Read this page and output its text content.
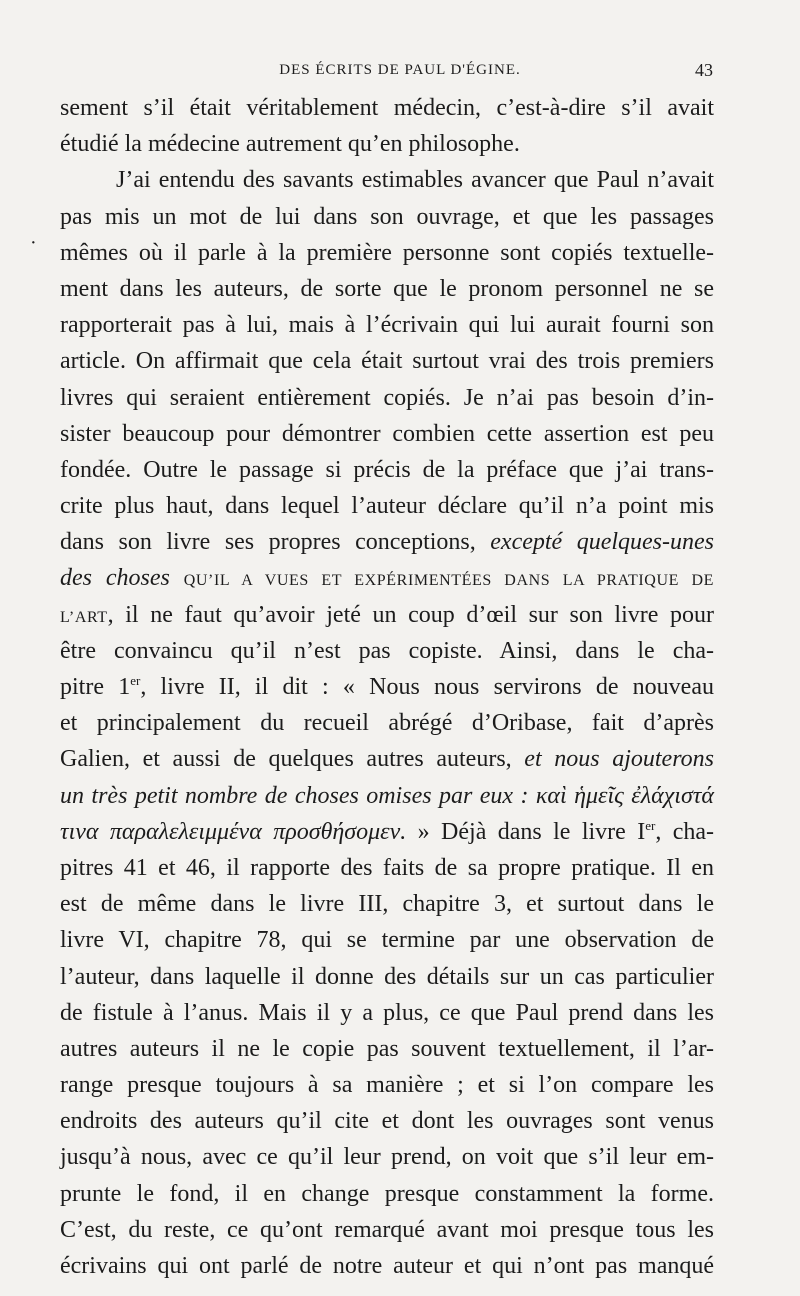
DES ÉCRITS DE PAUL D'ÉGINE.	43
·
sement s’il était véritablement médecin, c’est-à-dire s’il avait
étudié la médecine autrement qu’en philosophe.
J’ai entendu des savants estimables avancer que Paul n’avait
pas mis un mot de lui dans son ouvrage, et que les passages
mêmes où il parle à la première personne sont copiés textuelle-
ment dans les auteurs, de sorte que le pronom personnel ne se
rapporterait pas à lui, mais à l’écrivain qui lui aurait fourni son
article. On affirmait que cela était surtout vrai des trois premiers
livres qui seraient entièrement copiés. Je n’ai pas besoin d’in-
sister beaucoup pour démontrer combien cette assertion est peu
fondée. Outre le passage si précis de la préface que j’ai trans-
crite plus haut, dans lequel l’auteur déclare qu’il n’a point mis
dans son livre ses propres conceptions, excepté quelques-unes
des choses QU’IL A VUES ET EXPÉRIMENTÉES DANS LA PRATIQUE DE
L’ART, il ne faut qu’avoir jeté un coup d’œil sur son livre pour
être convaincu qu’il n’est pas copiste. Ainsi, dans le cha-
pitre 1er, livre II, il dit : « Nous nous servirons de nouveau
et principalement du recueil abrégé d’Oribase, fait d’après
Galien, et aussi de quelques autres auteurs, et nous ajouterons
un très petit nombre de choses omises par eux : καὶ ἡμεῖς ἐλάχιστά
τινα παραλελειμμένα προσθήσομεν. » Déjà dans le livre Ier, cha-
pitres 41 et 46, il rapporte des faits de sa propre pratique. Il en
est de même dans le livre III, chapitre 3, et surtout dans le
livre VI, chapitre 78, qui se termine par une observation de
l’auteur, dans laquelle il donne des détails sur un cas particulier
de fistule à l’anus. Mais il y a plus, ce que Paul prend dans les
autres auteurs il ne le copie pas souvent textuellement, il l’ar-
range presque toujours à sa manière ; et si l’on compare les
endroits des auteurs qu’il cite et dont les ouvrages sont venus
jusqu’à nous, avec ce qu’il leur prend, on voit que s’il leur em-
prunte le fond, il en change presque constamment la forme.
C’est, du reste, ce qu’ont remarqué avant moi presque tous les
écrivains qui ont parlé de notre auteur et qui n’ont pas manqué
